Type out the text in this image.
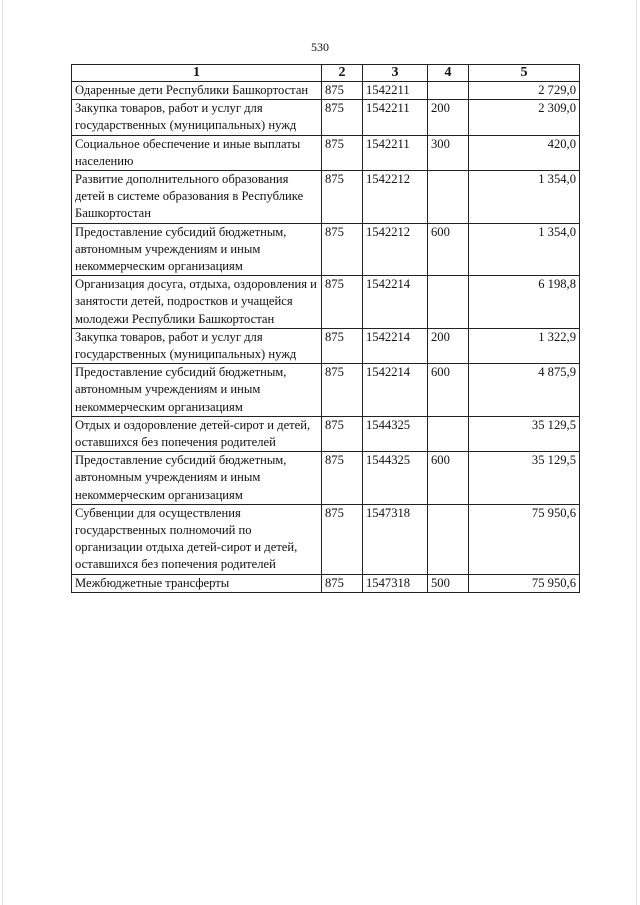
530
1	2	3	4	5
Одаренные дети Республики Башкортостан	875	1542211		2 729,0
Закупка товаров, работ и услуг для государственных (муниципальных) нужд	875	1542211	200	2 309,0
Социальное обеспечение и иные выплаты населению	875	1542211	300	420,0
Развитие дополнительного образования детей в системе образования в Республике Башкортостан	875	1542212		1 354,0
Предоставление субсидий бюджетным, автономным учреждениям и иным некоммерческим организациям	875	1542212	600	1 354,0
Организация досуга, отдыха, оздоровления и занятости детей, подростков и учащейся молодежи Республики Башкортостан	875	1542214		6 198,8
Закупка товаров, работ и услуг для государственных (муниципальных) нужд	875	1542214	200	1 322,9
Предоставление субсидий бюджетным, автономным учреждениям и иным некоммерческим организациям	875	1542214	600	4 875,9
Отдых и оздоровление детей-сирот и детей, оставшихся без попечения родителей	875	1544325		35 129,5
Предоставление субсидий бюджетным, автономным учреждениям и иным некоммерческим организациям	875	1544325	600	35 129,5
Субвенции для осуществления государственных полномочий по организации отдыха детей-сирот и детей, оставшихся без попечения родителей	875	1547318		75 950,6
Межбюджетные трансферты	875	1547318	500	75 950,6
